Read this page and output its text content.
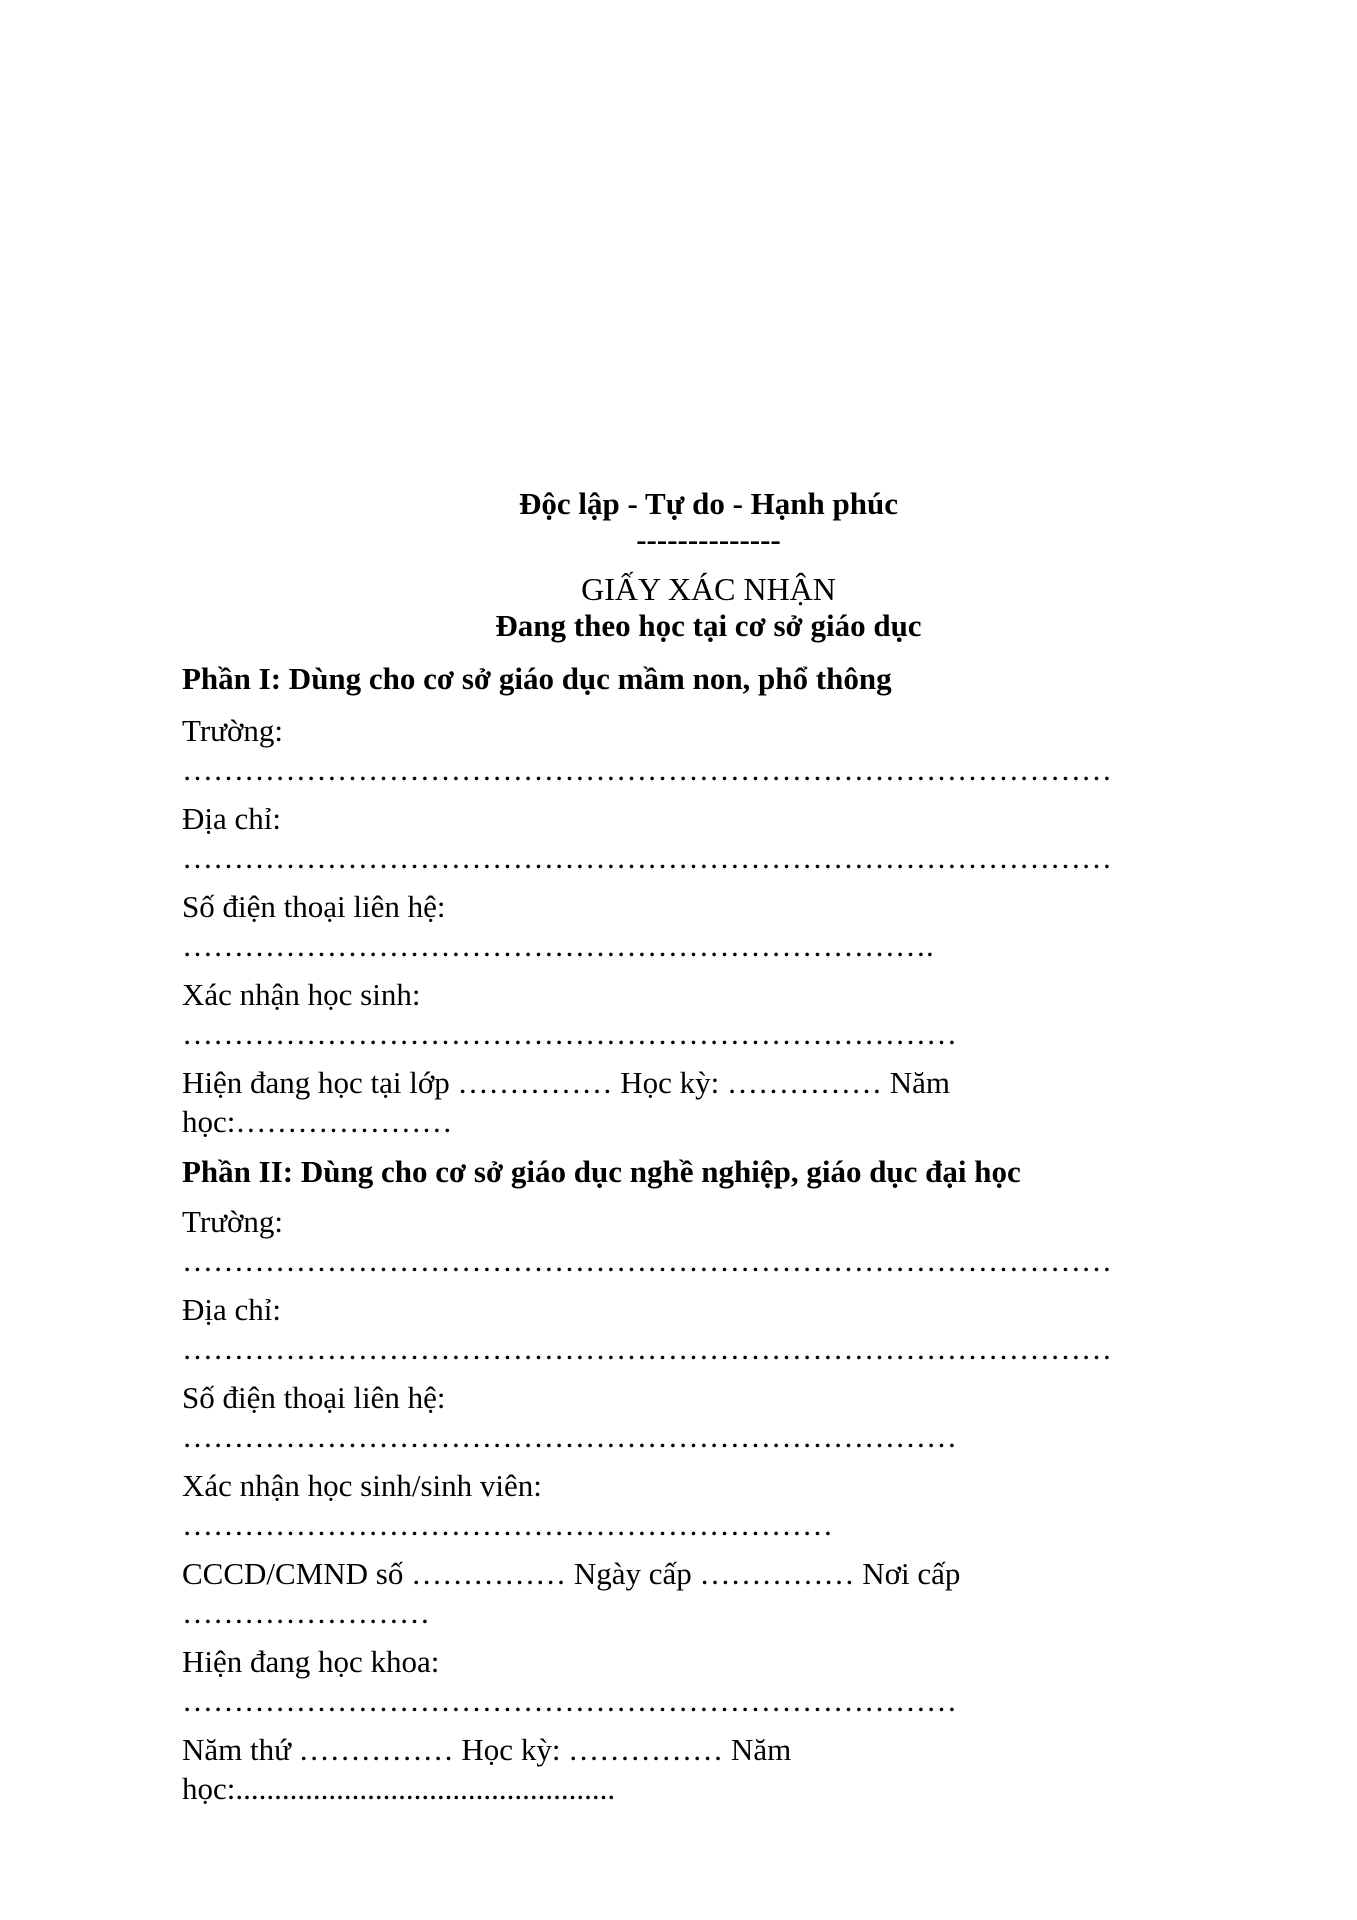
Độc lập - Tự do - Hạnh phúc
--------------
GIẤY XÁC NHẬN
Đang theo học tại cơ sở giáo dục
Phần I: Dùng cho cơ sở giáo dục mầm non, phổ thông
Trường:
………………………………………………………………………………
Địa chỉ:
………………………………………………………………………………
Số điện thoại liên hệ:
……………………………………………………………….
Xác nhận học sinh:
…………………………………………………………………
Hiện đang học tại lớp …………… Học kỳ: …………… Năm
học:…………………
Phần II: Dùng cho cơ sở giáo dục nghề nghiệp, giáo dục đại học
Trường:
………………………………………………………………………………
Địa chỉ:
………………………………………………………………………………
Số điện thoại liên hệ:
…………………………………………………………………
Xác nhận học sinh/sinh viên:
………………………………………………………
CCCD/CMND số …………… Ngày cấp …………… Nơi cấp
……………………
Hiện đang học khoa:
…………………………………………………………………
Năm thứ …………… Học kỳ: …………… Năm
học:.................................................
